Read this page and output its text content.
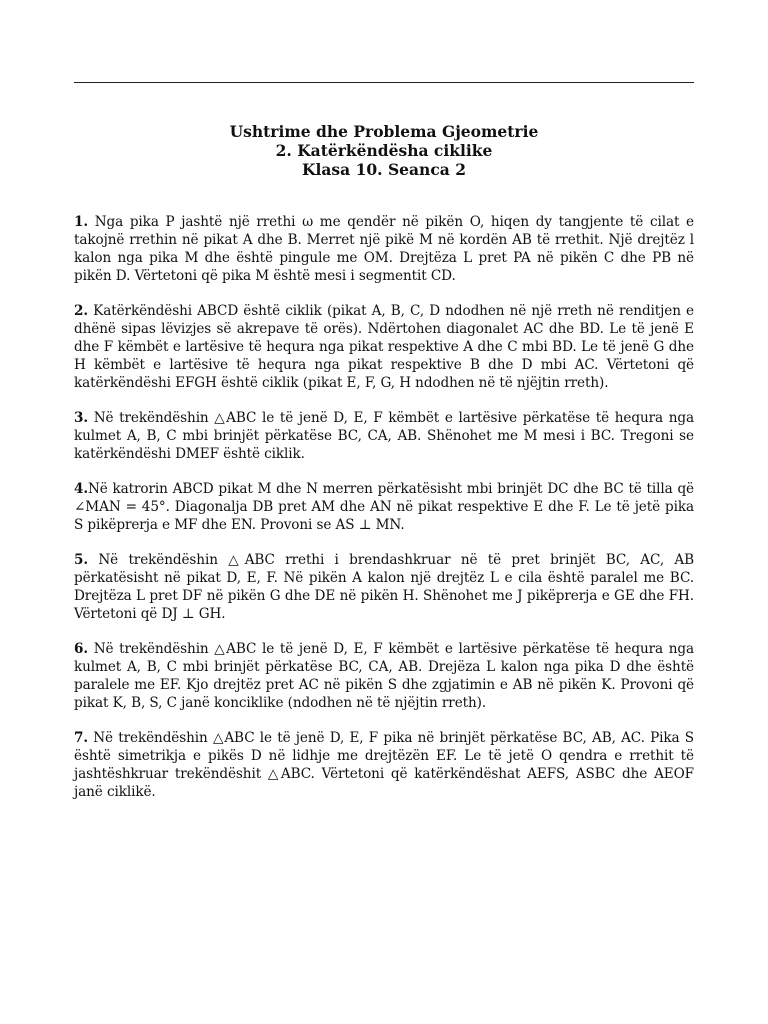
Ushtrime dhe Problema Gjeometrie
2. Katërkëndësha ciklike
Klasa 10. Seanca 2

1. Nga pika P jashtë një rrethi ω me qendër në pikën O, hiqen dy tangjente të cilat e takojnë rrethin në pikat A dhe B. Merret një pikë M në kordën AB të rrethit. Një drejtëz l kalon nga pika M dhe është pingule me OM. Drejtëza L pret PA në pikën C dhe PB në pikën D. Vërtetoni që pika M është mesi i segmentit CD.

2. Katërkëndëshi ABCD është ciklik (pikat A, B, C, D ndodhen në një rreth në renditjen e dhënë sipas lëvizjes së akrepave të orës). Ndërtohen diagonalet AC dhe BD. Le të jenë E dhe F këmbët e lartësive të hequra nga pikat respektive A dhe C mbi BD. Le të jenë G dhe H këmbët e lartësive të hequra nga pikat respektive B dhe D mbi AC. Vërtetoni që katërkëndëshi EFGH është ciklik (pikat E, F, G, H ndodhen në të njëjtin rreth).

3. Në trekëndëshin △ABC le të jenë D, E, F këmbët e lartësive përkatëse të hequra nga kulmet A, B, C mbi brinjët përkatëse BC, CA, AB. Shënohet me M mesi i BC. Tregoni se katërkëndëshi DMEF është ciklik.

4.Në katrorin ABCD pikat M dhe N merren përkatësisht mbi brinjët DC dhe BC të tilla që ∠MAN = 45°. Diagonalja DB pret AM dhe AN në pikat respektive E dhe F. Le të jetë pika S pikëprerja e MF dhe EN. Provoni se AS ⊥ MN.

5. Në trekëndëshin △ABC rrethi i brendashkruar në të pret brinjët BC, AC, AB përkatësisht në pikat D, E, F. Në pikën A kalon një drejtëz L e cila është paralel me BC. Drejtëza L pret DF në pikën G dhe DE në pikën H. Shënohet me J pikëprerja e GE dhe FH. Vërtetoni që DJ ⊥ GH.

6. Në trekëndëshin △ABC le të jenë D, E, F këmbët e lartësive përkatëse të hequra nga kulmet A, B, C mbi brinjët përkatëse BC, CA, AB. Drejëza L kalon nga pika D dhe është paralele me EF. Kjo drejtëz pret AC në pikën S dhe zgjatimin e AB në pikën K. Provoni që pikat K, B, S, C janë konciklike (ndodhen në të njëjtin rreth).

7. Në trekëndëshin △ABC le të jenë D, E, F pika në brinjët përkatëse BC, AB, AC. Pika S është simetrikja e pikës D në lidhje me drejtëzën EF. Le të jetë O qendra e rrethit të jashtëshkruar trekëndëshit △ABC. Vërtetoni që katërkëndëshat AEFS, ASBC dhe AEOF janë ciklikë.
